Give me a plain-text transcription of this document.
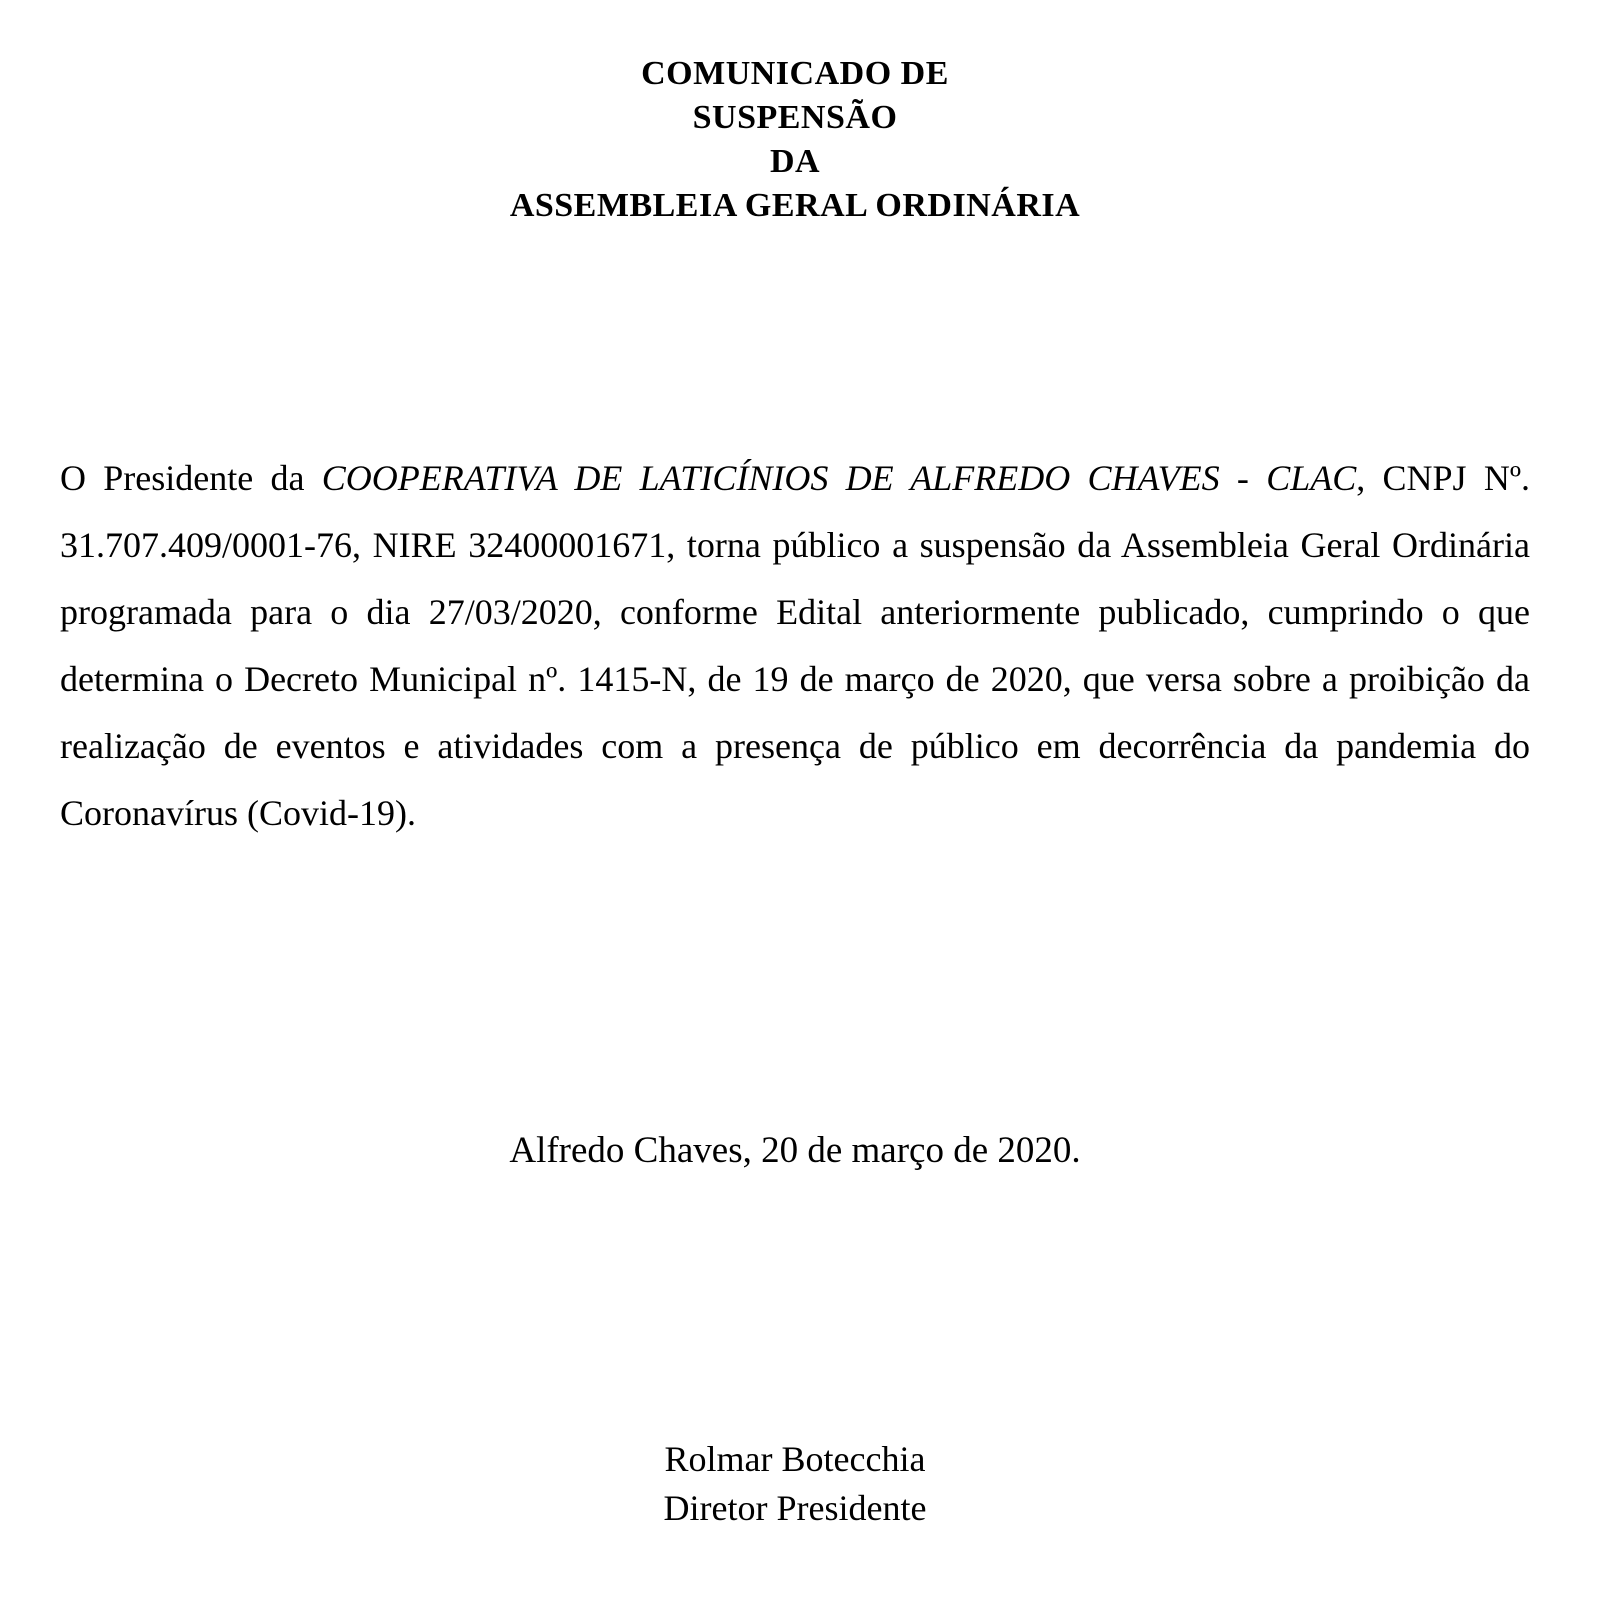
COMUNICADO DE
SUSPENSÃO
DA
ASSEMBLEIA GERAL ORDINÁRIA

O Presidente da COOPERATIVA DE LATICÍNIOS DE ALFREDO CHAVES - CLAC, CNPJ Nº. 31.707.409/0001-76, NIRE 32400001671, torna público a suspensão da Assembleia Geral Ordinária programada para o dia 27/03/2020, conforme Edital anteriormente publicado, cumprindo o que determina o Decreto Municipal nº. 1415-N, de 19 de março de 2020, que versa sobre a proibição da realização de eventos e atividades com a presença de público em decorrência da pandemia do Coronavírus (Covid-19).

Alfredo Chaves, 20 de março de 2020.

Rolmar Botecchia
Diretor Presidente
